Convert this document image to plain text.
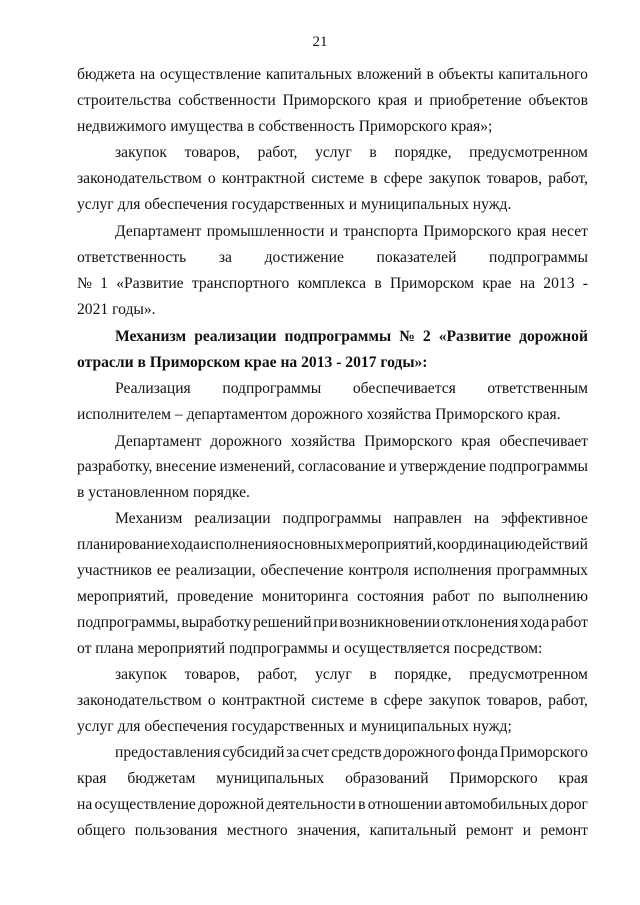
21
бюджета на осуществление капитальных вложений в объекты капитального
строительства собственности Приморского края и приобретение объектов
недвижимого имущества в собственность Приморского края»;
закупок товаров, работ, услуг в порядке, предусмотренном
законодательством о контрактной системе в сфере закупок товаров, работ,
услуг для обеспечения государственных и муниципальных нужд.
Департамент промышленности и транспорта Приморского края несет
ответственность за достижение показателей подпрограммы
№ 1 «Развитие транспортного комплекса в Приморском крае на 2013 -
2021 годы».
Механизм реализации подпрограммы № 2 «Развитие дорожной
отрасли в Приморском крае на 2013 - 2017 годы»:
Реализация подпрограммы обеспечивается ответственным
исполнителем – департаментом дорожного хозяйства Приморского края.
Департамент дорожного хозяйства Приморского края обеспечивает
разработку, внесение изменений, согласование и утверждение подпрограммы
в установленном порядке.
Механизм реализации подпрограммы направлен на эффективное
планирование хода исполнения основных мероприятий, координацию действий
участников ее реализации, обеспечение контроля исполнения программных
мероприятий, проведение мониторинга состояния работ по выполнению
подпрограммы, выработку решений при возникновении отклонения хода работ
от плана мероприятий подпрограммы и осуществляется посредством:
закупок товаров, работ, услуг в порядке, предусмотренном
законодательством о контрактной системе в сфере закупок товаров, работ,
услуг для обеспечения государственных и муниципальных нужд;
предоставления субсидий за счет средств дорожного фонда Приморского
края бюджетам муниципальных образований Приморского края
на осуществление дорожной деятельности в отношении автомобильных дорог
общего пользования местного значения, капитальный ремонт и ремонт
